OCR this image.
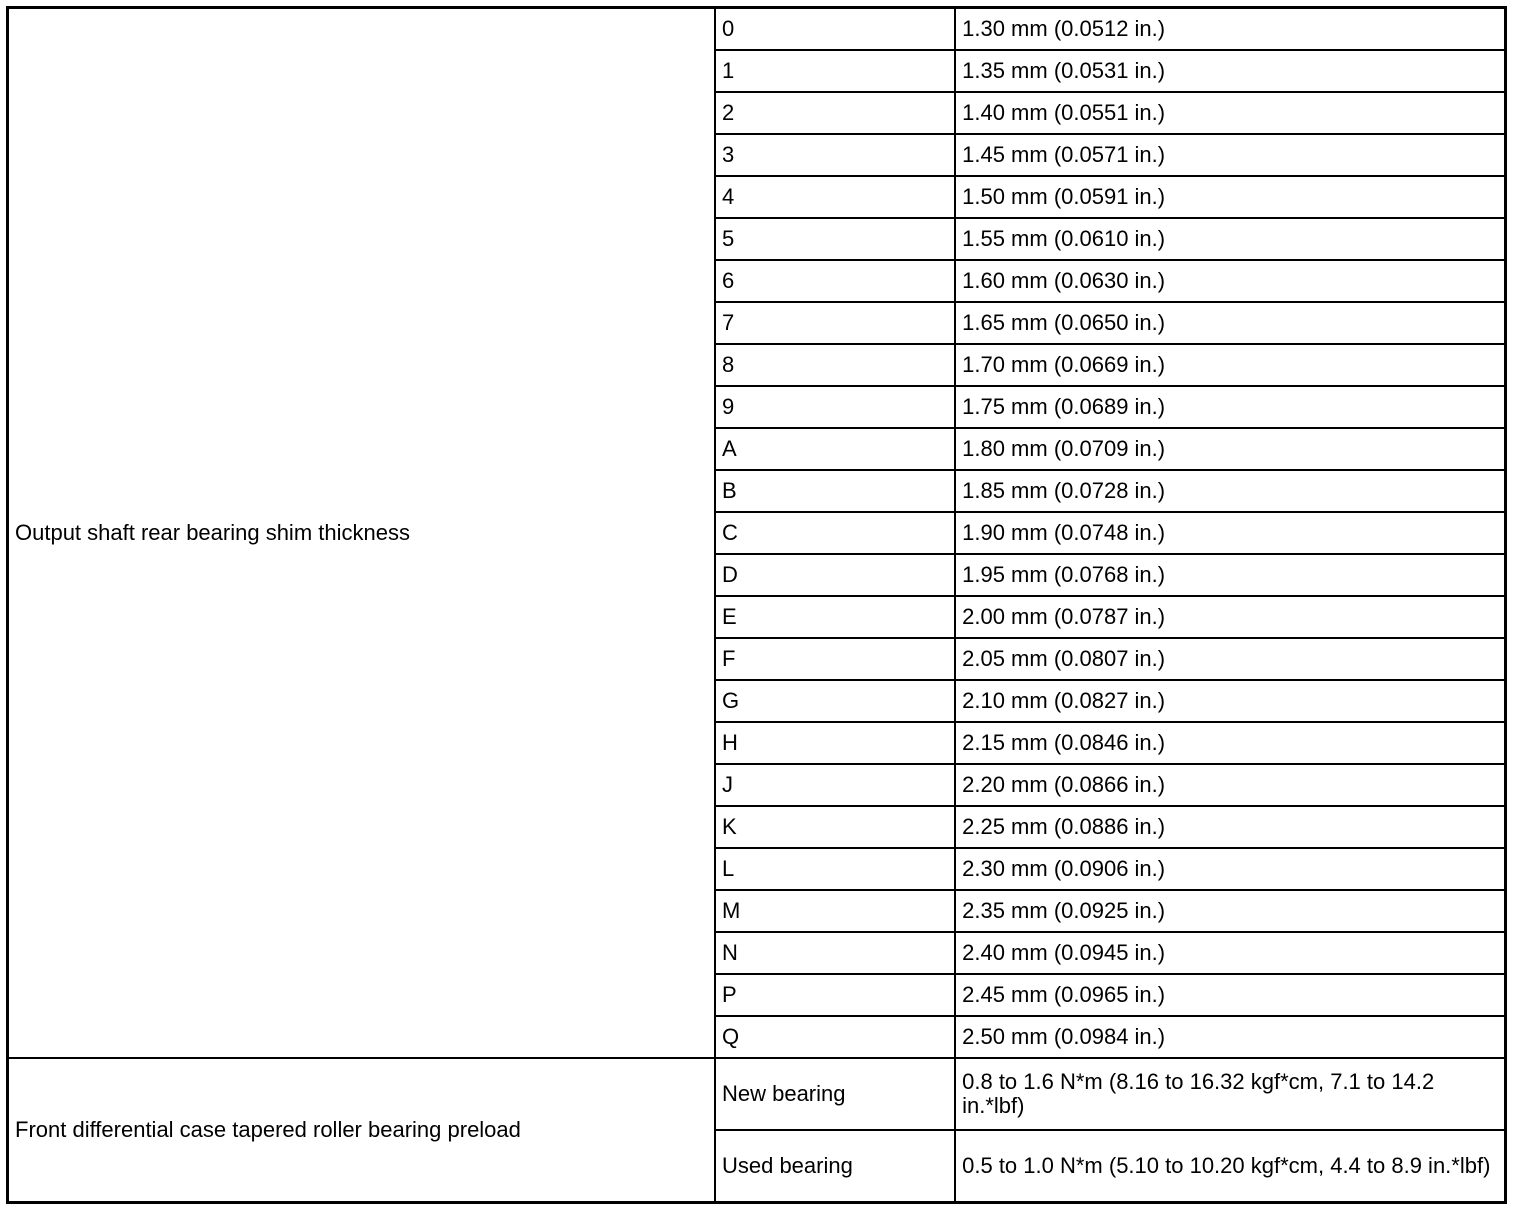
Output shaft rear bearing shim thickness	0	1.30 mm (0.0512 in.)
	1	1.35 mm (0.0531 in.)
	2	1.40 mm (0.0551 in.)
	3	1.45 mm (0.0571 in.)
	4	1.50 mm (0.0591 in.)
	5	1.55 mm (0.0610 in.)
	6	1.60 mm (0.0630 in.)
	7	1.65 mm (0.0650 in.)
	8	1.70 mm (0.0669 in.)
	9	1.75 mm (0.0689 in.)
	A	1.80 mm (0.0709 in.)
	B	1.85 mm (0.0728 in.)
	C	1.90 mm (0.0748 in.)
	D	1.95 mm (0.0768 in.)
	E	2.00 mm (0.0787 in.)
	F	2.05 mm (0.0807 in.)
	G	2.10 mm (0.0827 in.)
	H	2.15 mm (0.0846 in.)
	J	2.20 mm (0.0866 in.)
	K	2.25 mm (0.0886 in.)
	L	2.30 mm (0.0906 in.)
	M	2.35 mm (0.0925 in.)
	N	2.40 mm (0.0945 in.)
	P	2.45 mm (0.0965 in.)
	Q	2.50 mm (0.0984 in.)
Front differential case tapered roller bearing preload	New bearing	0.8 to 1.6 N*m (8.16 to 16.32 kgf*cm, 7.1 to 14.2 in.*lbf)
	Used bearing	0.5 to 1.0 N*m (5.10 to 10.20 kgf*cm, 4.4 to 8.9 in.*lbf)
